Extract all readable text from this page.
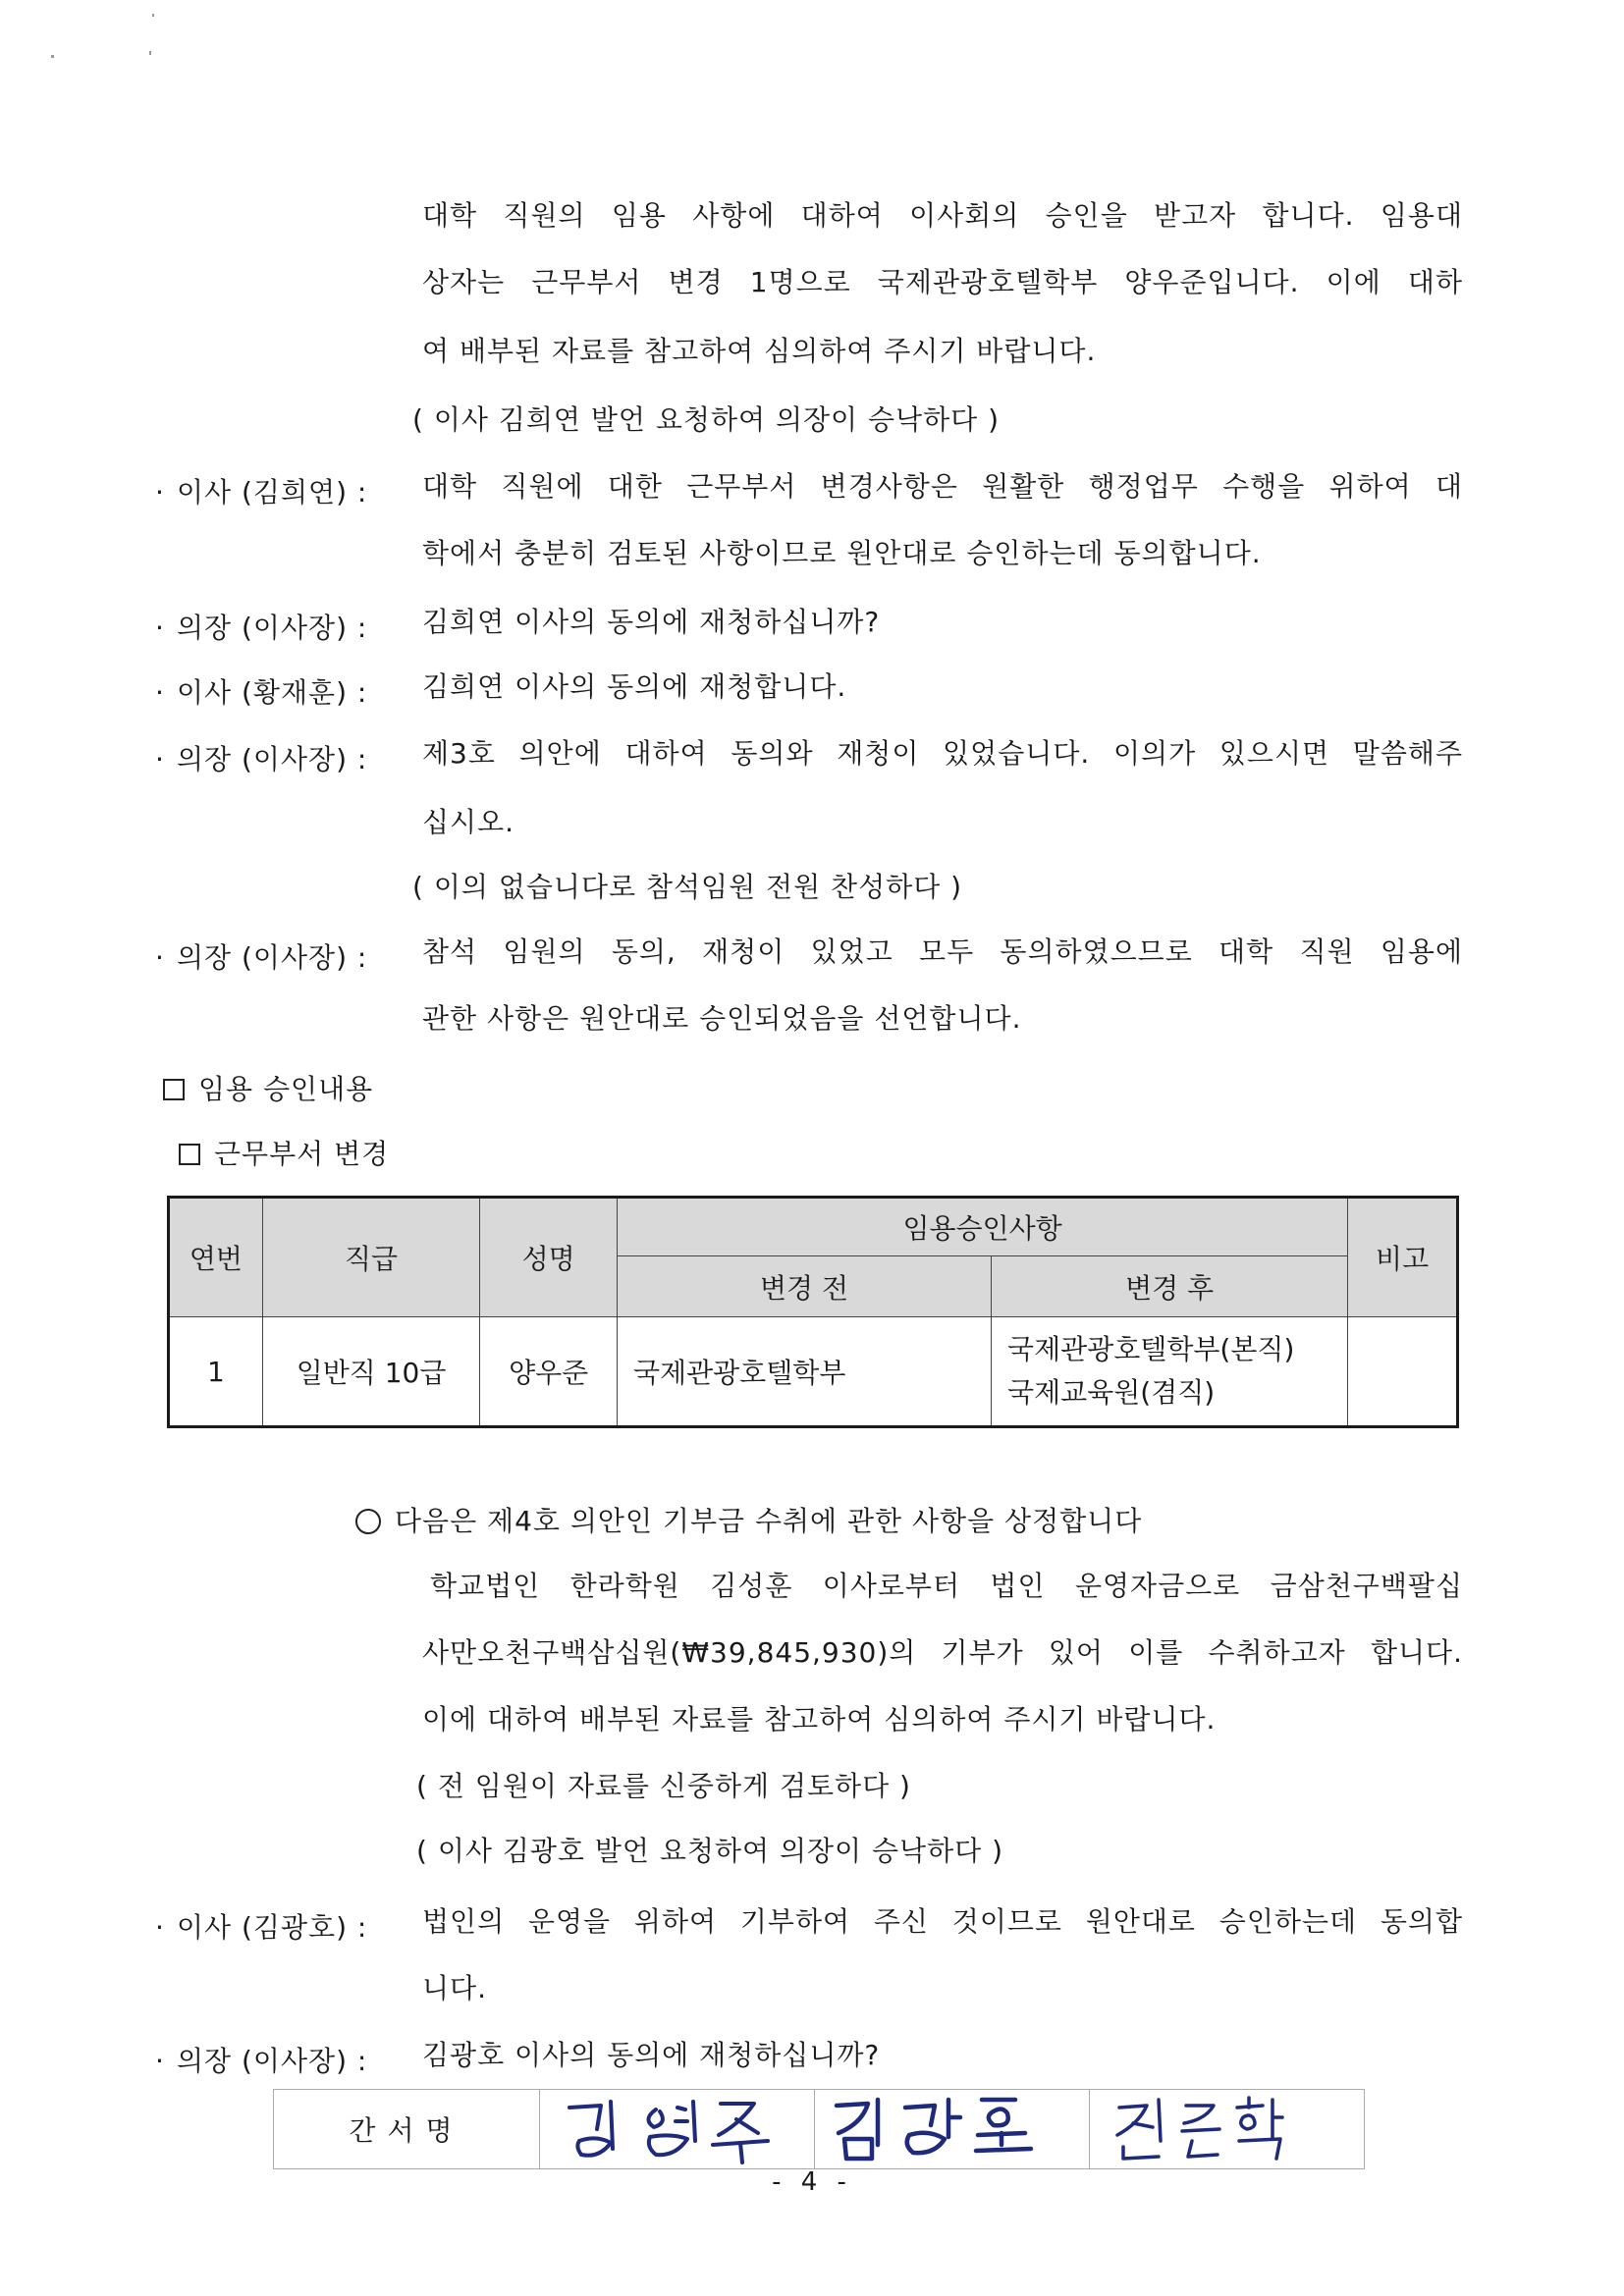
대학 직원의 임용 사항에 대하여 이사회의 승인을 받고자 합니다. 임용대
상자는 근무부서 변경 1명으로 국제관광호텔학부 양우준입니다. 이에 대하
여 배부된 자료를 참고하여 심의하여 주시기 바랍니다.
( 이사 김희연 발언 요청하여 의장이 승낙하다 )
· 이사 (김희연) :	대학 직원에 대한 근무부서 변경사항은 원활한 행정업무 수행을 위하여 대
학에서 충분히 검토된 사항이므로 원안대로 승인하는데 동의합니다.
· 의장 (이사장) :	김희연 이사의 동의에 재청하십니까?
· 이사 (황재훈) :	김희연 이사의 동의에 재청합니다.
· 의장 (이사장) :	제3호 의안에 대하여 동의와 재청이 있었습니다. 이의가 있으시면 말씀해주
십시오.
( 이의 없습니다로 참석임원 전원 찬성하다 )
· 의장 (이사장) :	참석 임원의 동의, 재청이 있었고 모두 동의하였으므로 대학 직원 임용에
관한 사항은 원안대로 승인되었음을 선언합니다.
임용 승인내용
근무부서 변경
연번	직급	성명	임용승인사항		비고
			변경 전	변경 후	
1	일반직 10급	양우준	국제관광호텔학부	국제관광호텔학부(본직)
국제교육원(겸직)	

다음은 제4호 의안인 기부금 수취에 관한 사항을 상정합니다
학교법인 한라학원 김성훈 이사로부터 법인 운영자금으로 금삼천구백팔십
사만오천구백삼십원(₩39,845,930)의 기부가 있어 이를 수취하고자 합니다.
이에 대하여 배부된 자료를 참고하여 심의하여 주시기 바랍니다.
( 전 임원이 자료를 신중하게 검토하다 )
( 이사 김광호 발언 요청하여 의장이 승낙하다 )
· 이사 (김광호) :	법인의 운영을 위하여 기부하여 주신 것이므로 원안대로 승인하는데 동의합
니다.
· 의장 (이사장) :	김광호 이사의 동의에 재청하십니까?
간서명
- 4 -
